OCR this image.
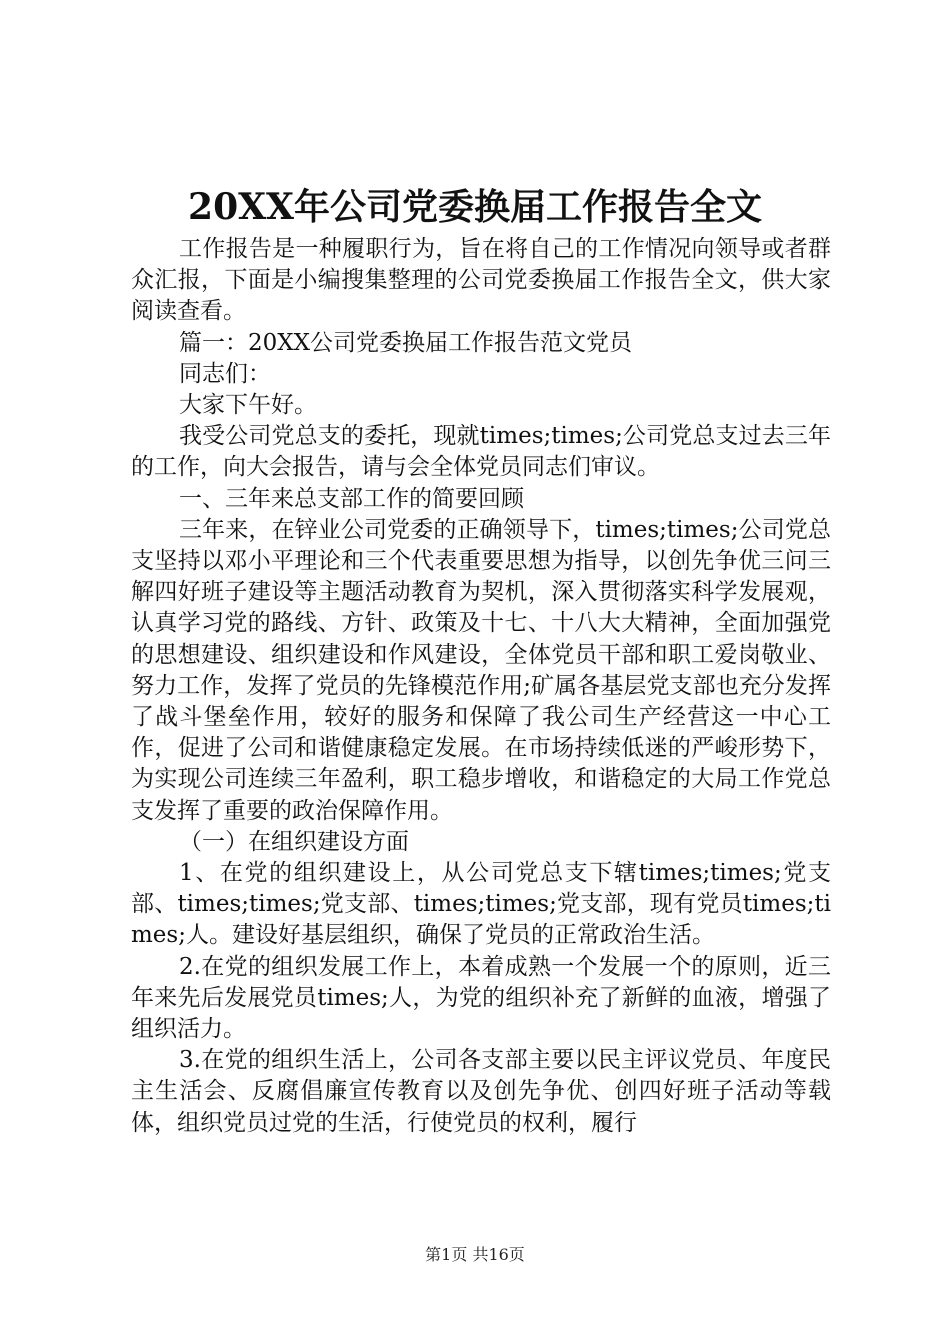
20XX年公司党委换届工作报告全文

工作报告是一种履职行为，旨在将自己的工作情况向领导或者群众汇报，下面是小编搜集整理的公司党委换届工作报告全文，供大家阅读查看。

篇一：20XX公司党委换届工作报告范文党员

同志们：

大家下午好。

我受公司党总支的委托，现就times;times;公司党总支过去三年的工作，向大会报告，请与会全体党员同志们审议。

一、三年来总支部工作的简要回顾

三年来，在锌业公司党委的正确领导下，times;times;公司党总支坚持以邓小平理论和三个代表重要思想为指导，以创先争优三问三解四好班子建设等主题活动教育为契机，深入贯彻落实科学发展观，认真学习党的路线、方针、政策及十七、十八大大精神，全面加强党的思想建设、组织建设和作风建设，全体党员干部和职工爱岗敬业、努力工作，发挥了党员的先锋模范作用;矿属各基层党支部也充分发挥了战斗堡垒作用，较好的服务和保障了我公司生产经营这一中心工作，促进了公司和谐健康稳定发展。在市场持续低迷的严峻形势下，为实现公司连续三年盈利，职工稳步增收，和谐稳定的大局工作党总支发挥了重要的政治保障作用。

（一）在组织建设方面

1、在党的组织建设上，从公司党总支下辖times;times;党支部、times;times;党支部、times;times;党支部，现有党员times;times;人。建设好基层组织，确保了党员的正常政治生活。

2.在党的组织发展工作上，本着成熟一个发展一个的原则，近三年来先后发展党员times;人，为党的组织补充了新鲜的血液，增强了组织活力。

3.在党的组织生活上，公司各支部主要以民主评议党员、年度民主生活会、反腐倡廉宣传教育以及创先争优、创四好班子活动等载体，组织党员过党的生活，行使党员的权利，履行

第1页 共16页
